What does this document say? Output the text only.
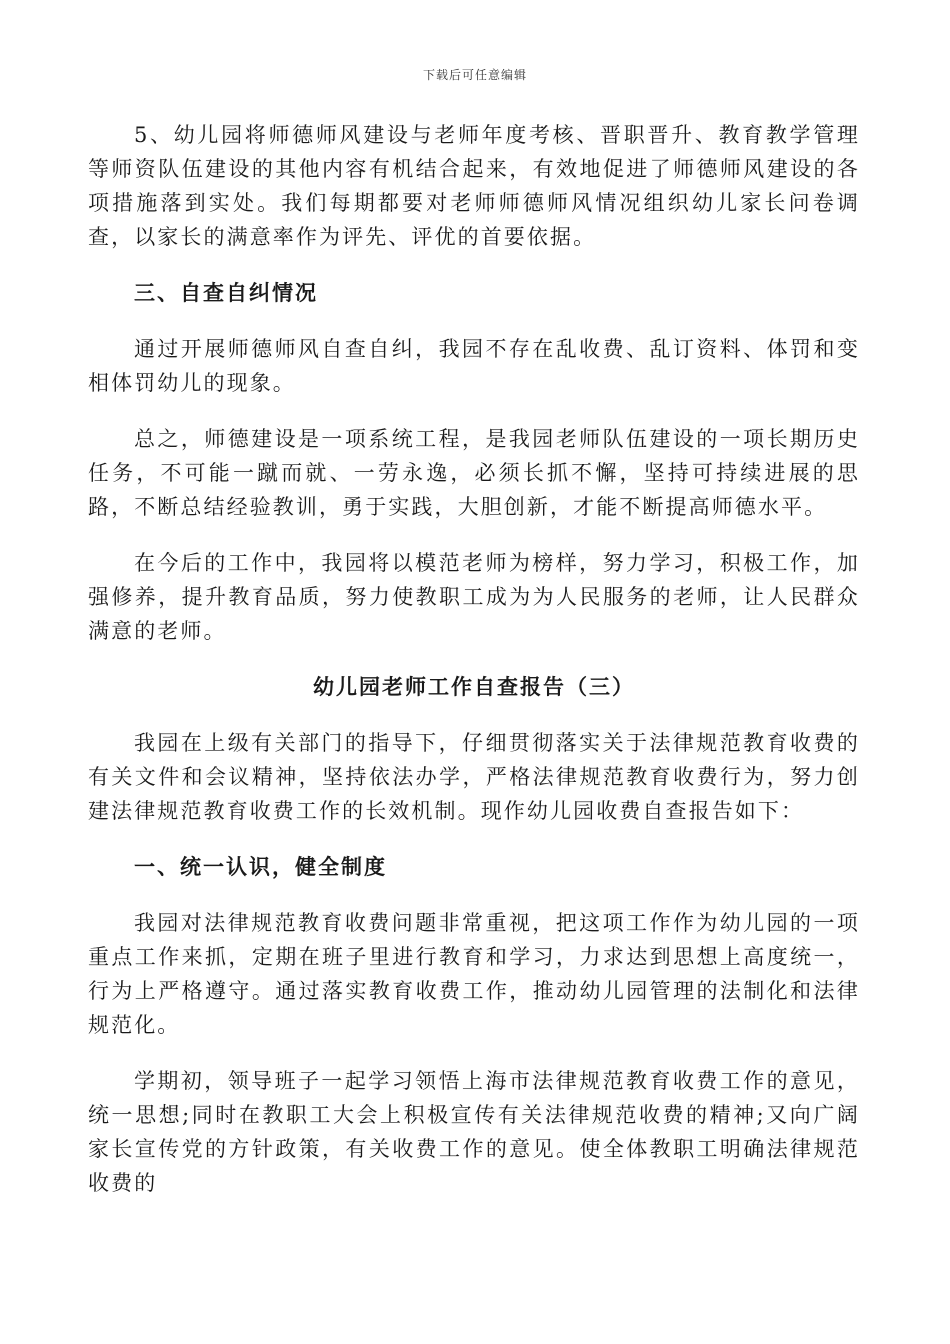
下载后可任意编辑

5、幼儿园将师德师风建设与老师年度考核、晋职晋升、教育教学管理等师资队伍建设的其他内容有机结合起来，有效地促进了师德师风建设的各项措施落到实处。我们每期都要对老师师德师风情况组织幼儿家长问卷调查，以家长的满意率作为评先、评优的首要依据。

三、自查自纠情况

通过开展师德师风自查自纠，我园不存在乱收费、乱订资料、体罚和变相体罚幼儿的现象。

总之，师德建设是一项系统工程，是我园老师队伍建设的一项长期历史任务，不可能一蹴而就、一劳永逸，必须长抓不懈，坚持可持续进展的思路，不断总结经验教训，勇于实践，大胆创新，才能不断提高师德水平。

在今后的工作中，我园将以模范老师为榜样，努力学习，积极工作，加强修养，提升教育品质，努力使教职工成为为人民服务的老师，让人民群众满意的老师。

幼儿园老师工作自查报告（三）

我园在上级有关部门的指导下，仔细贯彻落实关于法律规范教育收费的有关文件和会议精神，坚持依法办学，严格法律规范教育收费行为，努力创建法律规范教育收费工作的长效机制。现作幼儿园收费自查报告如下：

一、统一认识，健全制度

我园对法律规范教育收费问题非常重视，把这项工作作为幼儿园的一项重点工作来抓，定期在班子里进行教育和学习，力求达到思想上高度统一，行为上严格遵守。通过落实教育收费工作，推动幼儿园管理的法制化和法律规范化。

学期初，领导班子一起学习领悟上海市法律规范教育收费工作的意见，统一思想;同时在教职工大会上积极宣传有关法律规范收费的精神;又向广阔家长宣传党的方针政策，有关收费工作的意见。使全体教职工明确法律规范收费的
